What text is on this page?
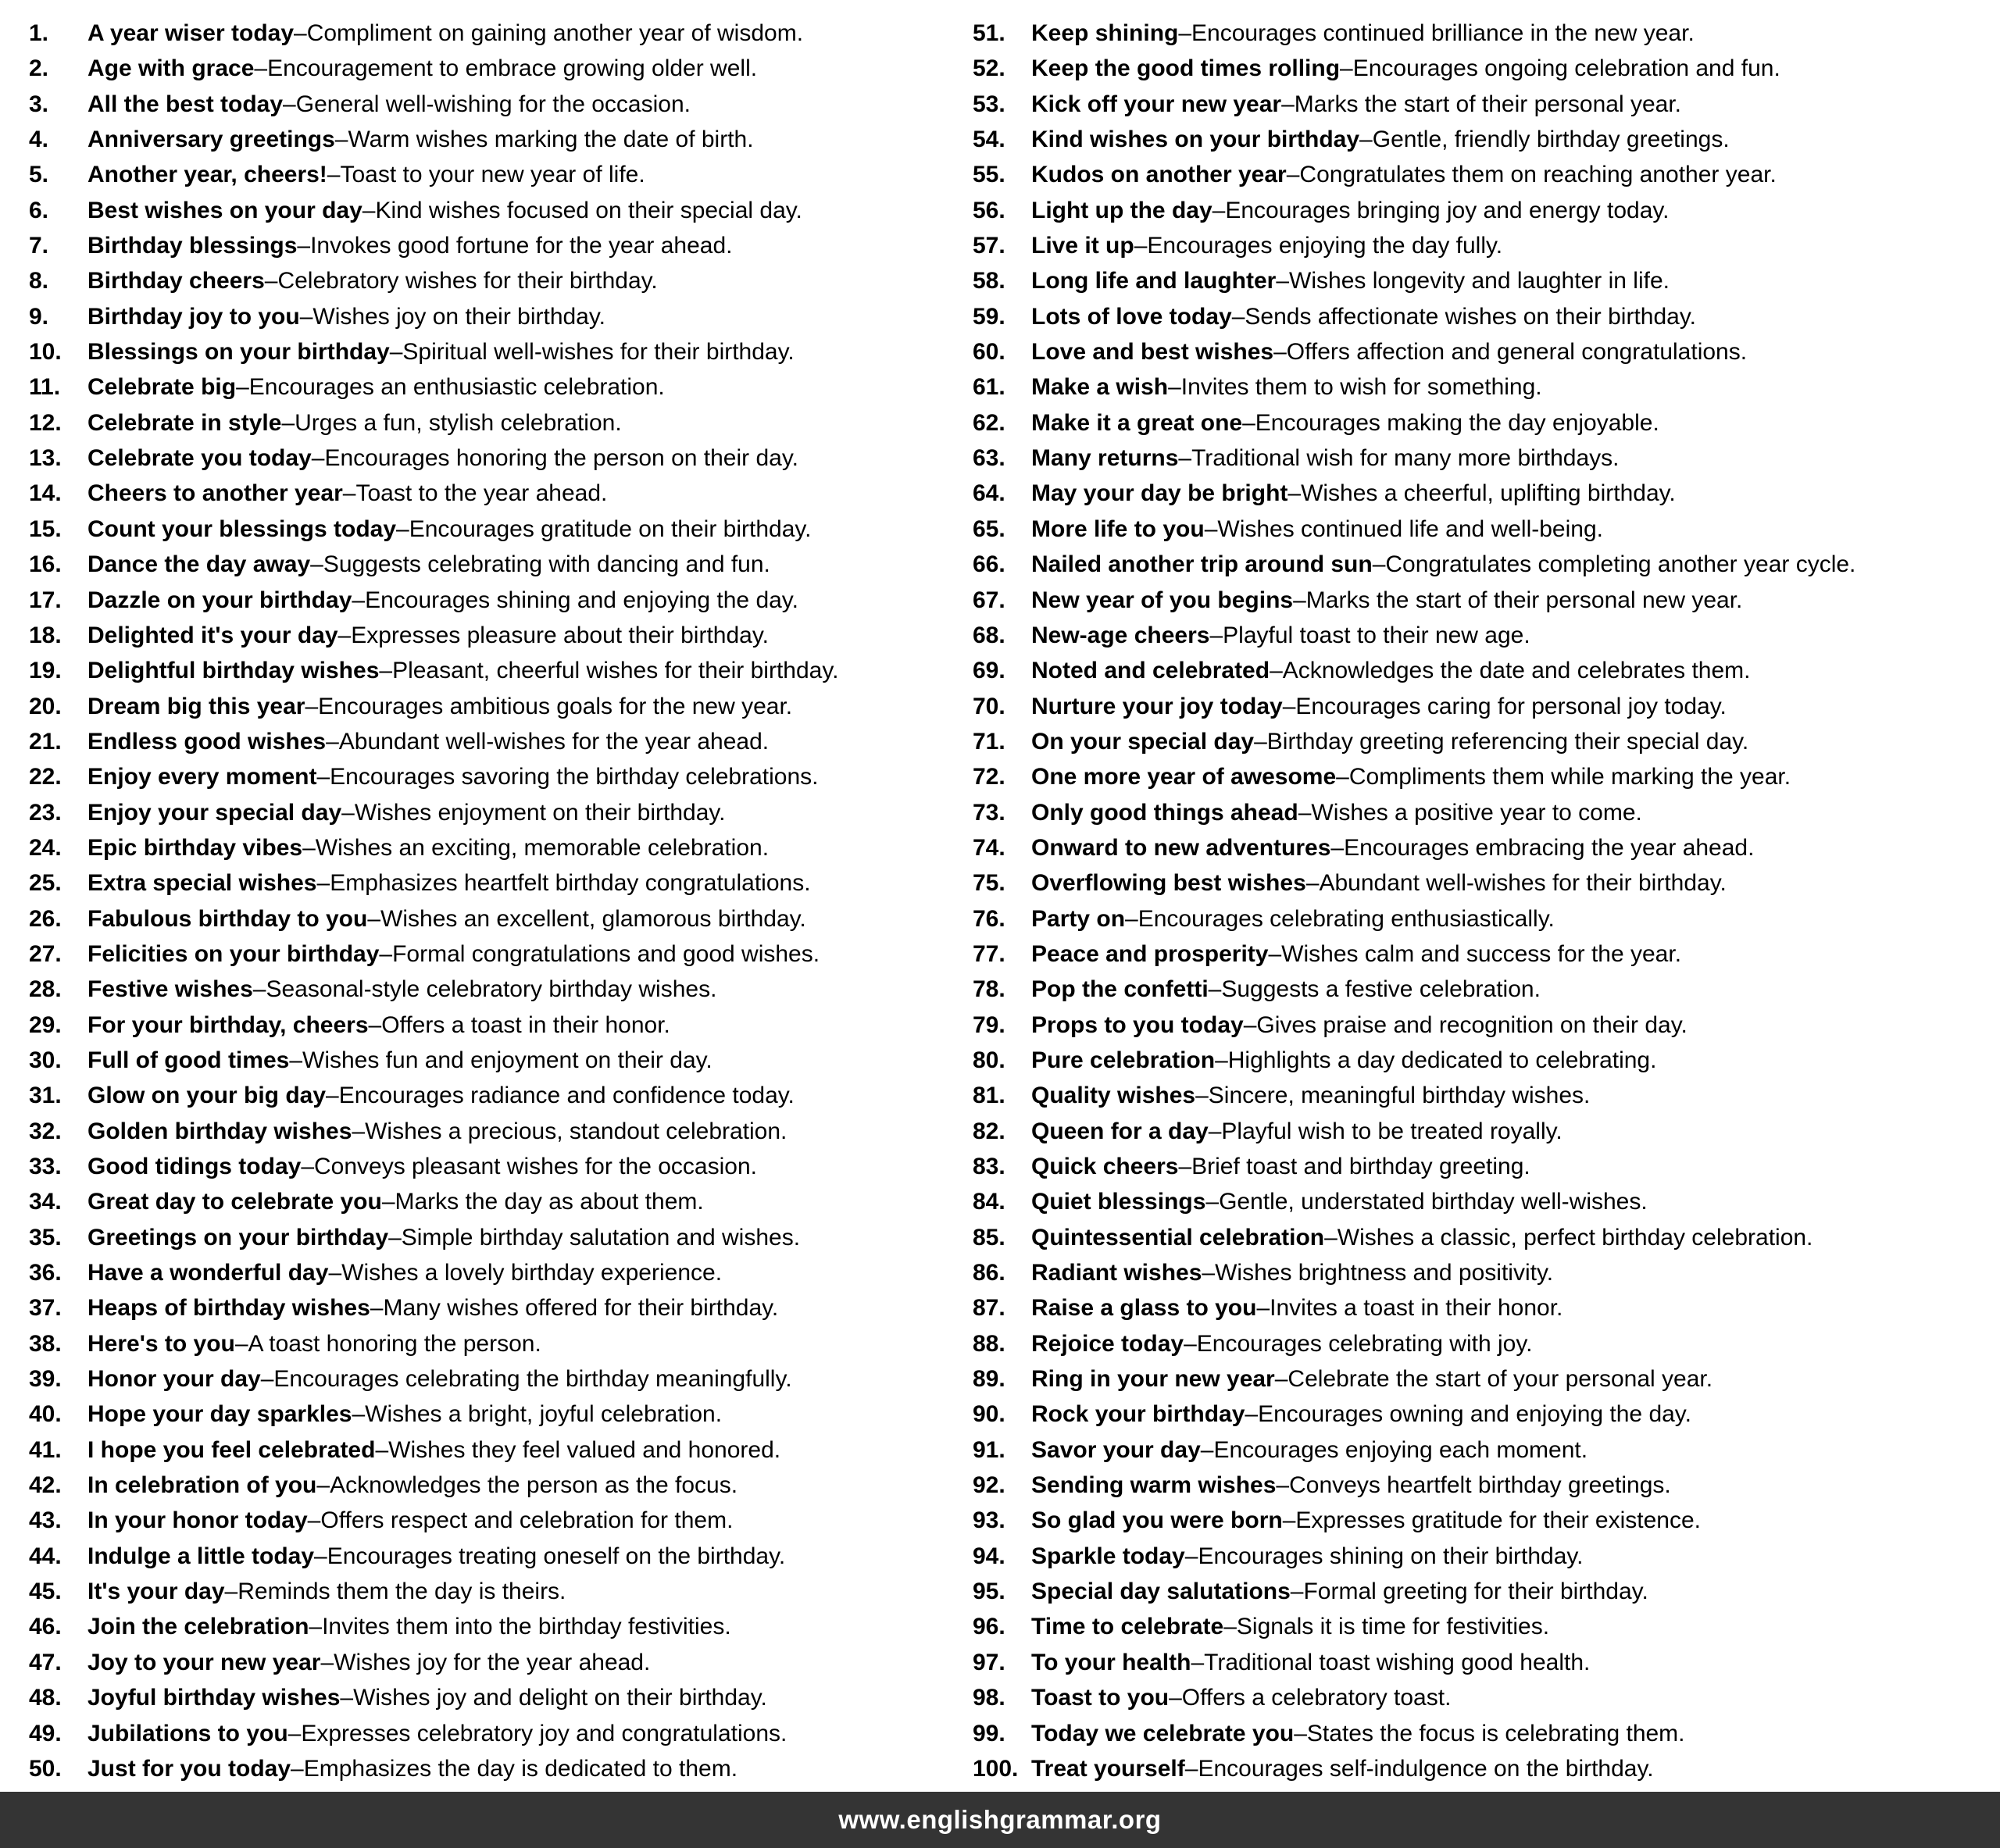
1.	A year wiser today – Compliment on gaining another year of wisdom.
2.	Age with grace – Encouragement to embrace growing older well.
3.	All the best today – General well-wishing for the occasion.
4.	Anniversary greetings – Warm wishes marking the date of birth.
5.	Another year, cheers! – Toast to your new year of life.
6.	Best wishes on your day – Kind wishes focused on their special day.
7.	Birthday blessings – Invokes good fortune for the year ahead.
8.	Birthday cheers – Celebratory wishes for their birthday.
9.	Birthday joy to you – Wishes joy on their birthday.
10.	Blessings on your birthday – Spiritual well-wishes for their birthday.
11.	Celebrate big – Encourages an enthusiastic celebration.
12.	Celebrate in style – Urges a fun, stylish celebration.
13.	Celebrate you today – Encourages honoring the person on their day.
14.	Cheers to another year – Toast to the year ahead.
15.	Count your blessings today – Encourages gratitude on their birthday.
16.	Dance the day away – Suggests celebrating with dancing and fun.
17.	Dazzle on your birthday – Encourages shining and enjoying the day.
18.	Delighted it's your day – Expresses pleasure about their birthday.
19.	Delightful birthday wishes – Pleasant, cheerful wishes for their birthday.
20.	Dream big this year – Encourages ambitious goals for the new year.
21.	Endless good wishes – Abundant well-wishes for the year ahead.
22.	Enjoy every moment – Encourages savoring the birthday celebrations.
23.	Enjoy your special day – Wishes enjoyment on their birthday.
24.	Epic birthday vibes – Wishes an exciting, memorable celebration.
25.	Extra special wishes – Emphasizes heartfelt birthday congratulations.
26.	Fabulous birthday to you – Wishes an excellent, glamorous birthday.
27.	Felicities on your birthday – Formal congratulations and good wishes.
28.	Festive wishes – Seasonal-style celebratory birthday wishes.
29.	For your birthday, cheers – Offers a toast in their honor.
30.	Full of good times – Wishes fun and enjoyment on their day.
31.	Glow on your big day – Encourages radiance and confidence today.
32.	Golden birthday wishes – Wishes a precious, standout celebration.
33.	Good tidings today – Conveys pleasant wishes for the occasion.
34.	Great day to celebrate you – Marks the day as about them.
35.	Greetings on your birthday – Simple birthday salutation and wishes.
36.	Have a wonderful day – Wishes a lovely birthday experience.
37.	Heaps of birthday wishes – Many wishes offered for their birthday.
38.	Here's to you – A toast honoring the person.
39.	Honor your day – Encourages celebrating the birthday meaningfully.
40.	Hope your day sparkles – Wishes a bright, joyful celebration.
41.	I hope you feel celebrated – Wishes they feel valued and honored.
42.	In celebration of you – Acknowledges the person as the focus.
43.	In your honor today – Offers respect and celebration for them.
44.	Indulge a little today – Encourages treating oneself on the birthday.
45.	It's your day – Reminds them the day is theirs.
46.	Join the celebration – Invites them into the birthday festivities.
47.	Joy to your new year – Wishes joy for the year ahead.
48.	Joyful birthday wishes – Wishes joy and delight on their birthday.
49.	Jubilations to you – Expresses celebratory joy and congratulations.
50.	Just for you today – Emphasizes the day is dedicated to them.
51.	Keep shining – Encourages continued brilliance in the new year.
52.	Keep the good times rolling – Encourages ongoing celebration and fun.
53.	Kick off your new year – Marks the start of their personal year.
54.	Kind wishes on your birthday – Gentle, friendly birthday greetings.
55.	Kudos on another year – Congratulates them on reaching another year.
56.	Light up the day – Encourages bringing joy and energy today.
57.	Live it up – Encourages enjoying the day fully.
58.	Long life and laughter – Wishes longevity and laughter in life.
59.	Lots of love today – Sends affectionate wishes on their birthday.
60.	Love and best wishes – Offers affection and general congratulations.
61.	Make a wish – Invites them to wish for something.
62.	Make it a great one – Encourages making the day enjoyable.
63.	Many returns – Traditional wish for many more birthdays.
64.	May your day be bright – Wishes a cheerful, uplifting birthday.
65.	More life to you – Wishes continued life and well-being.
66.	Nailed another trip around sun – Congratulates completing another year cycle.
67.	New year of you begins – Marks the start of their personal new year.
68.	New-age cheers – Playful toast to their new age.
69.	Noted and celebrated – Acknowledges the date and celebrates them.
70.	Nurture your joy today – Encourages caring for personal joy today.
71.	On your special day – Birthday greeting referencing their special day.
72.	One more year of awesome – Compliments them while marking the year.
73.	Only good things ahead – Wishes a positive year to come.
74.	Onward to new adventures – Encourages embracing the year ahead.
75.	Overflowing best wishes – Abundant well-wishes for their birthday.
76.	Party on – Encourages celebrating enthusiastically.
77.	Peace and prosperity – Wishes calm and success for the year.
78.	Pop the confetti – Suggests a festive celebration.
79.	Props to you today – Gives praise and recognition on their day.
80.	Pure celebration – Highlights a day dedicated to celebrating.
81.	Quality wishes – Sincere, meaningful birthday wishes.
82.	Queen for a day – Playful wish to be treated royally.
83.	Quick cheers – Brief toast and birthday greeting.
84.	Quiet blessings – Gentle, understated birthday well-wishes.
85.	Quintessential celebration – Wishes a classic, perfect birthday celebration.
86.	Radiant wishes – Wishes brightness and positivity.
87.	Raise a glass to you – Invites a toast in their honor.
88.	Rejoice today – Encourages celebrating with joy.
89.	Ring in your new year – Celebrate the start of your personal year.
90.	Rock your birthday – Encourages owning and enjoying the day.
91.	Savor your day – Encourages enjoying each moment.
92.	Sending warm wishes – Conveys heartfelt birthday greetings.
93.	So glad you were born – Expresses gratitude for their existence.
94.	Sparkle today – Encourages shining on their birthday.
95.	Special day salutations – Formal greeting for their birthday.
96.	Time to celebrate – Signals it is time for festivities.
97.	To your health – Traditional toast wishing good health.
98.	Toast to you – Offers a celebratory toast.
99.	Today we celebrate you – States the focus is celebrating them.
100. Treat yourself – Encourages self-indulgence on the birthday.
www.englishgrammar.org
